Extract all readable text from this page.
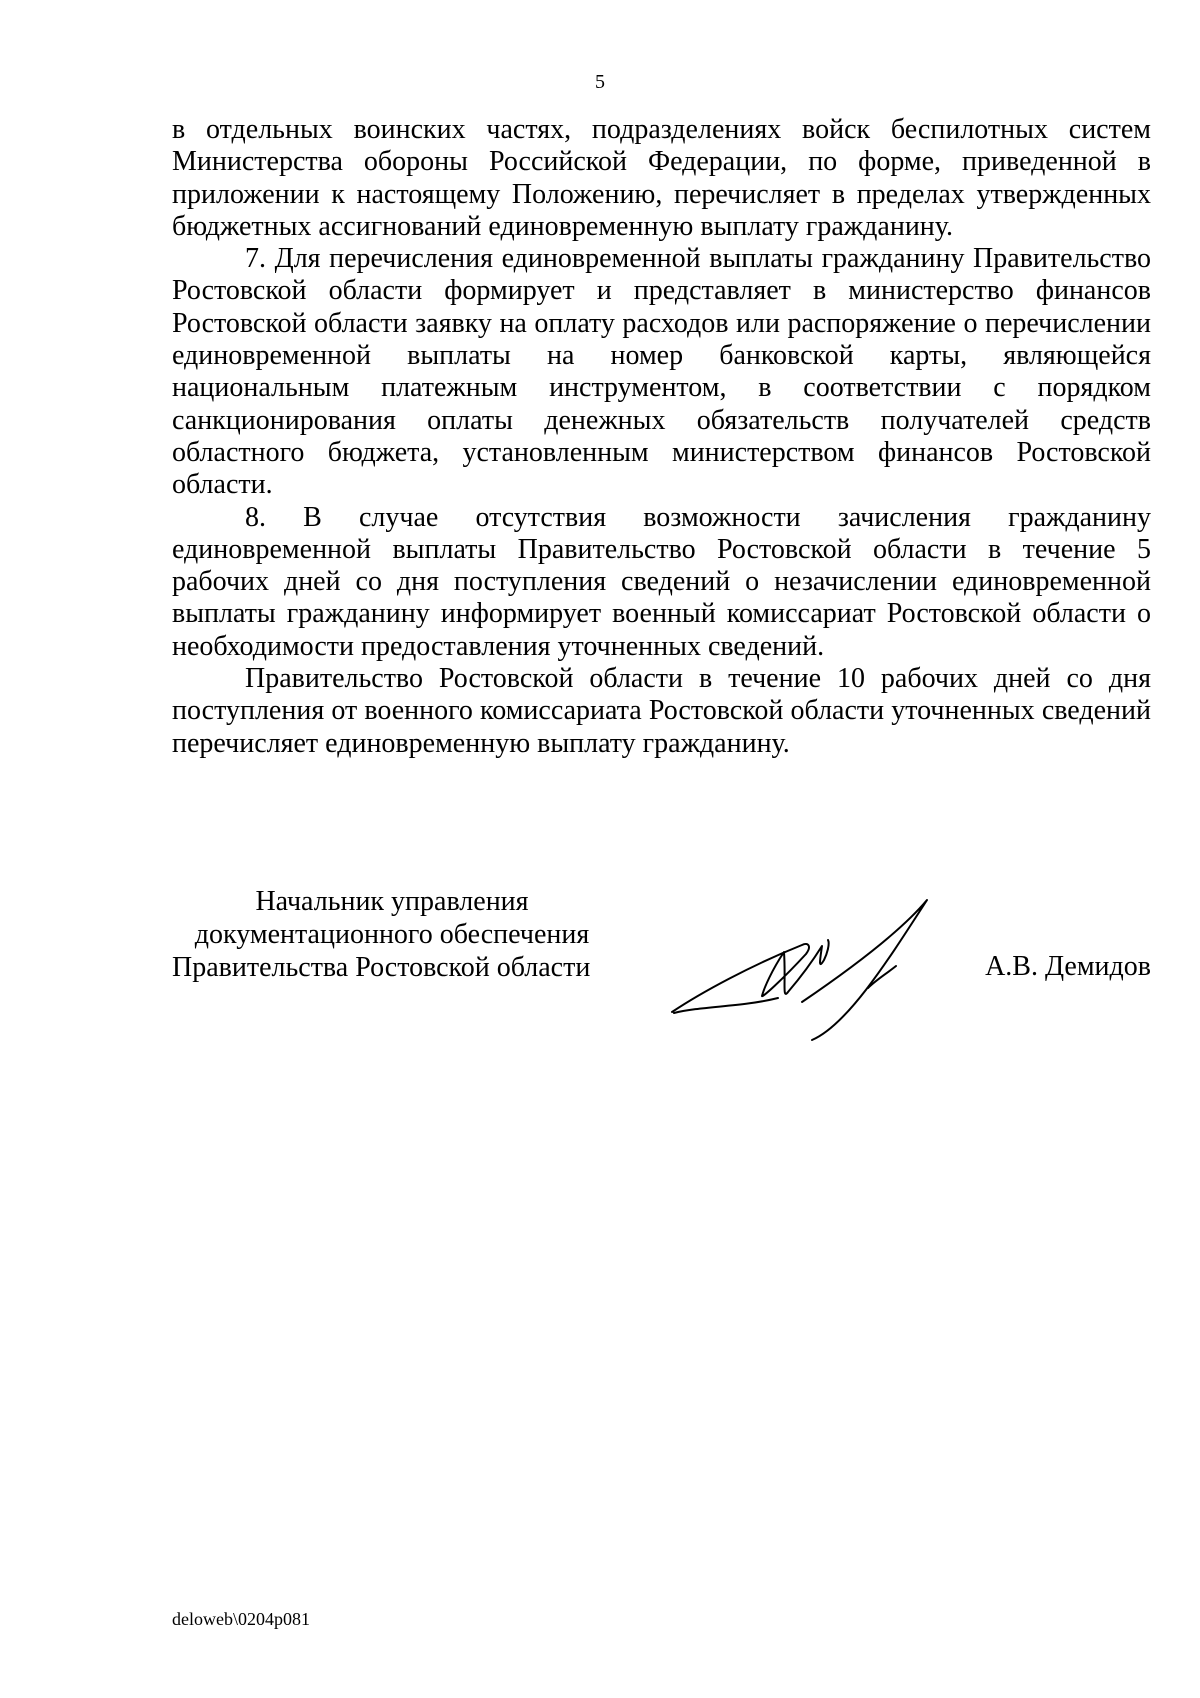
5

в отдельных воинских частях, подразделениях войск беспилотных систем Министерства обороны Российской Федерации, по форме, приведенной в приложении к настоящему Положению, перечисляет в пределах утвержденных бюджетных ассигнований единовременную выплату гражданину.

7. Для перечисления единовременной выплаты гражданину Правительство Ростовской области формирует и представляет в министерство финансов Ростовской области заявку на оплату расходов или распоряжение о перечислении единовременной выплаты на номер банковской карты, являющейся национальным платежным инструментом, в соответствии с порядком санкционирования оплаты денежных обязательств получателей средств областного бюджета, установленным министерством финансов Ростовской области.

8. В случае отсутствия возможности зачисления гражданину единовременной выплаты Правительство Ростовской области в течение 5 рабочих дней со дня поступления сведений о незачислении единовременной выплаты гражданину информирует военный комиссариат Ростовской области о необходимости предоставления уточненных сведений.

Правительство Ростовской области в течение 10 рабочих дней со дня поступления от военного комиссариата Ростовской области уточненных сведений перечисляет единовременную выплату гражданину.

Начальник управления
документационного обеспечения
Правительства Ростовской области	А.В. Демидов
deloweb\0204p081
